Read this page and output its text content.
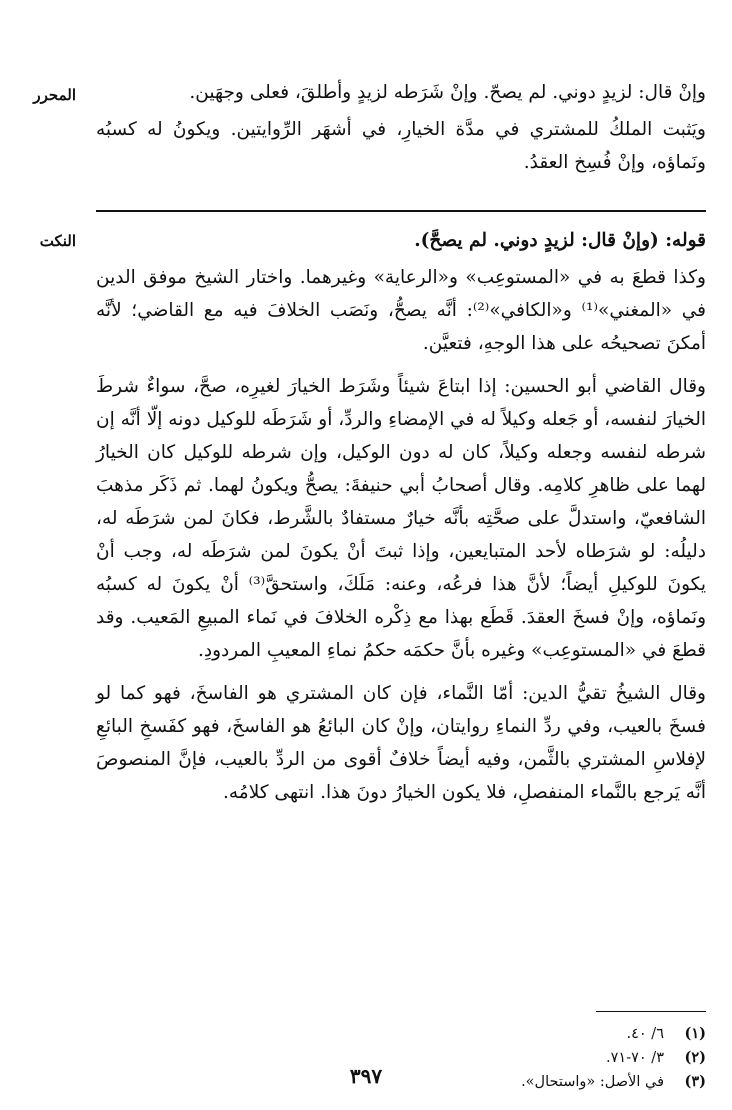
المحرر	وإنْ قال: لزيدٍ دوني. لم يصحّ. وإنْ شَرَطه لزيدٍ وأطلقَ، فعلى وجهَين.

ويَثبت الملكُ للمشتري في مدَّة الخيارِ، في أشهَر الرِّوايتين. ويكونُ له كسبُه ونَماؤه، وإنْ فُسِخ العقدُ.

النكت	قوله: (وإنْ قال: لزيدٍ دوني. لم يصحَّ).

وكذا قطعَ به في «المستوعِب» و«الرعاية» وغيرهما. واختار الشيخ موفق الدين في «المغني»⁽¹⁾ و«الكافي»⁽²⁾: أنَّه يصحُّ، ونَصَب الخلافَ فيه مع القاضي؛ لأنَّه أمكنَ تصحيحُه على هذا الوجهِ، فتعيَّن.

وقال القاضي أبو الحسين: إذا ابتاعَ شيئاً وشَرَط الخيارَ لغيرِه، صحَّ، سواءٌ شرطَ الخيارَ لنفسه، أو جَعله وكيلاً له في الإمضاءِ والردِّ، أو شَرَطَه للوكيل دونه إلّا أنَّه إن شرطه لنفسه وجعله وكيلاً، كان له دون الوكيل، وإن شرطه للوكيل كان الخيارُ لهما على ظاهرِ كلامِه. وقال أصحابُ أبي حنيفةَ: يصحُّ ويكونُ لهما. ثم ذَكَر مذهبَ الشافعيّ، واستدلَّ على صحَّتِه بأنَّه خيارٌ مستفادٌ بالشَّرط، فكانَ لمن شرَطَه له، دليلُه: لو شرَطاه لأحد المتبايعين، وإذا ثبتَ أنْ يكونَ لمن شرَطَه له، وجب أنْ يكونَ للوكيلِ أيضاً؛ لأنَّ هذا فرعُه، وعنه: مَلَكَ، واستحقَّ⁽³⁾ أنْ يكونَ له كسبُه ونَماؤه، وإنْ فسخَ العقدَ. قَطَع بهذا مع ذِكْره الخلافَ في نَماء المبيعِ المَعيب. وقد قطعَ في «المستوعِب» وغيره بأنَّ حكمَه حكمُ نماءِ المعيبِ المردودِ.

وقال الشيخُ تقيُّ الدين: أمّا النَّماء، فإن كان المشتري هو الفاسخَ، فهو كما لو فسخَ بالعيب، وفي ردِّ النماءِ روايتان، وإنْ كان البائعُ هو الفاسخَ، فهو كفَسخِ البائعِ لإفلاسِ المشتري بالثَّمن، وفيه أيضاً خلافٌ أقوى من الردِّ بالعيب، فإنَّ المنصوصَ أنَّه يَرجع بالنَّماء المنفصلِ، فلا يكون الخيارُ دونَ هذا. انتهى كلامُه.

(١)
٦/ ٤٠.
(٢)
٣/ ٧٠-٧١.
(٣)
في الأصل: «واستحال».
٣٩٧
